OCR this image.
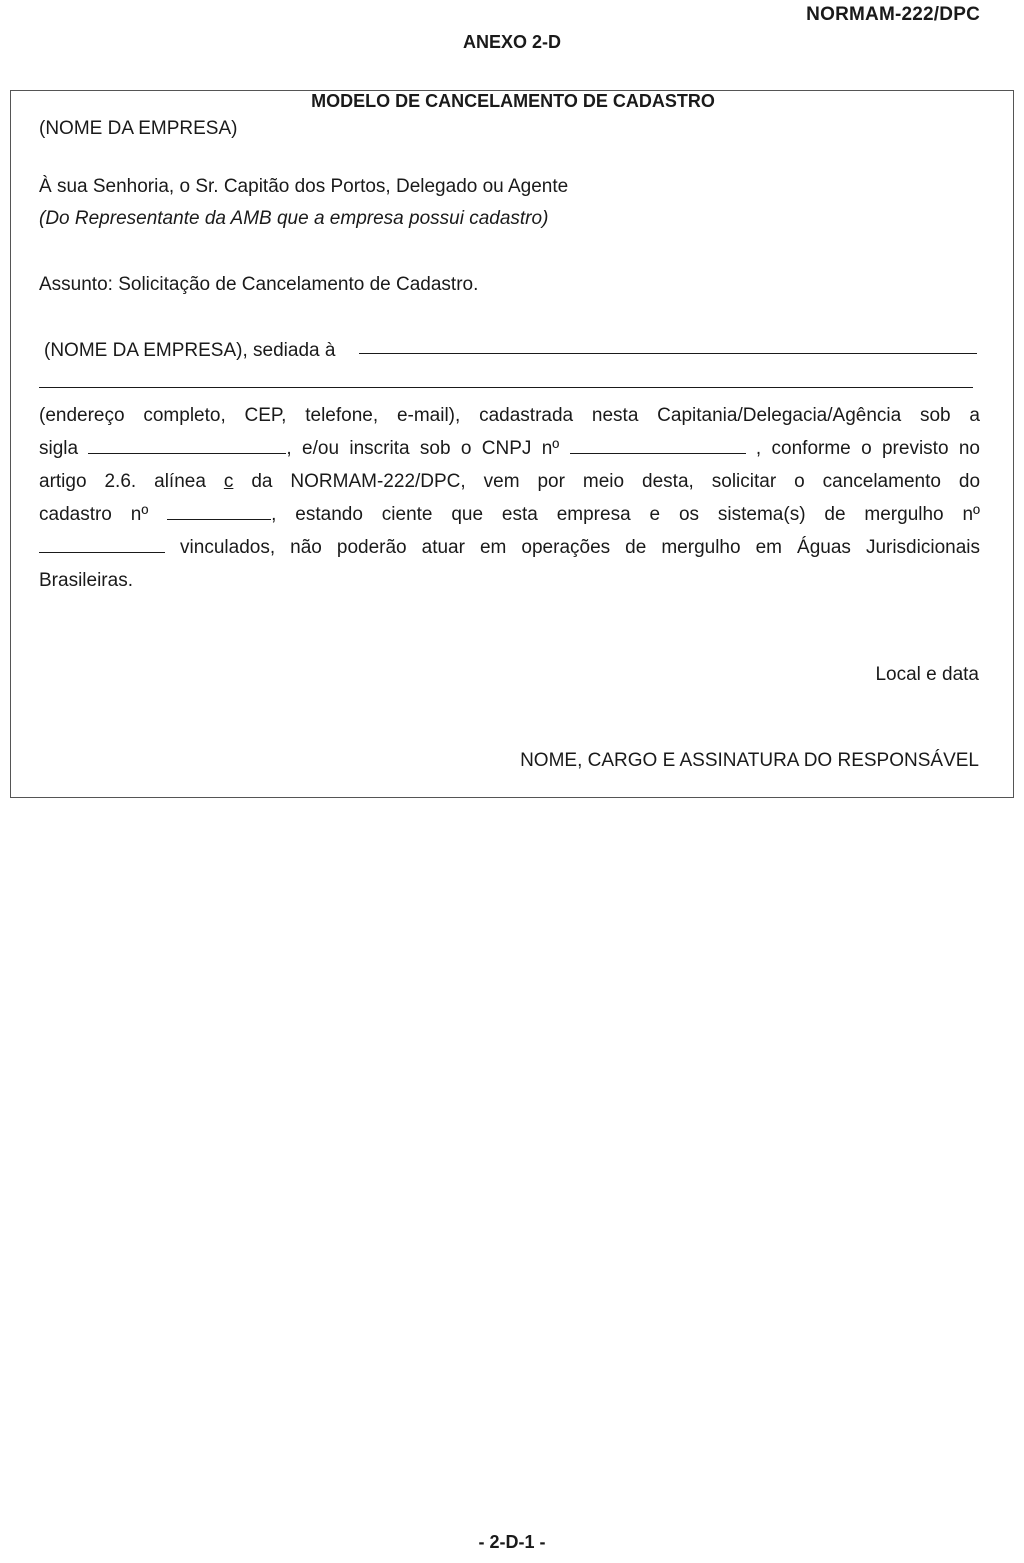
NORMAM-222/DPC
ANEXO 2-D
MODELO DE CANCELAMENTO DE CADASTRO
(NOME DA EMPRESA)
À sua Senhoria, o Sr. Capitão dos Portos, Delegado ou Agente
(Do Representante da AMB que a empresa possui cadastro)
Assunto: Solicitação de Cancelamento de Cadastro.
(NOME DA EMPRESA), sediada à
(endereço completo, CEP, telefone, e-mail), cadastrada nesta Capitania/Delegacia/Agência sob a
sigla	, e/ou inscrita sob o CNPJ nº	, conforme o previsto no
artigo 2.6. alínea c da NORMAM-222/DPC, vem por meio desta, solicitar o cancelamento do
cadastro nº	, estando ciente que esta empresa e os sistema(s) de mergulho nº
vinculados, não poderão atuar em operações de mergulho em Águas Jurisdicionais
Brasileiras.
Local e data
NOME, CARGO E ASSINATURA DO RESPONSÁVEL
- 2-D-1 -
